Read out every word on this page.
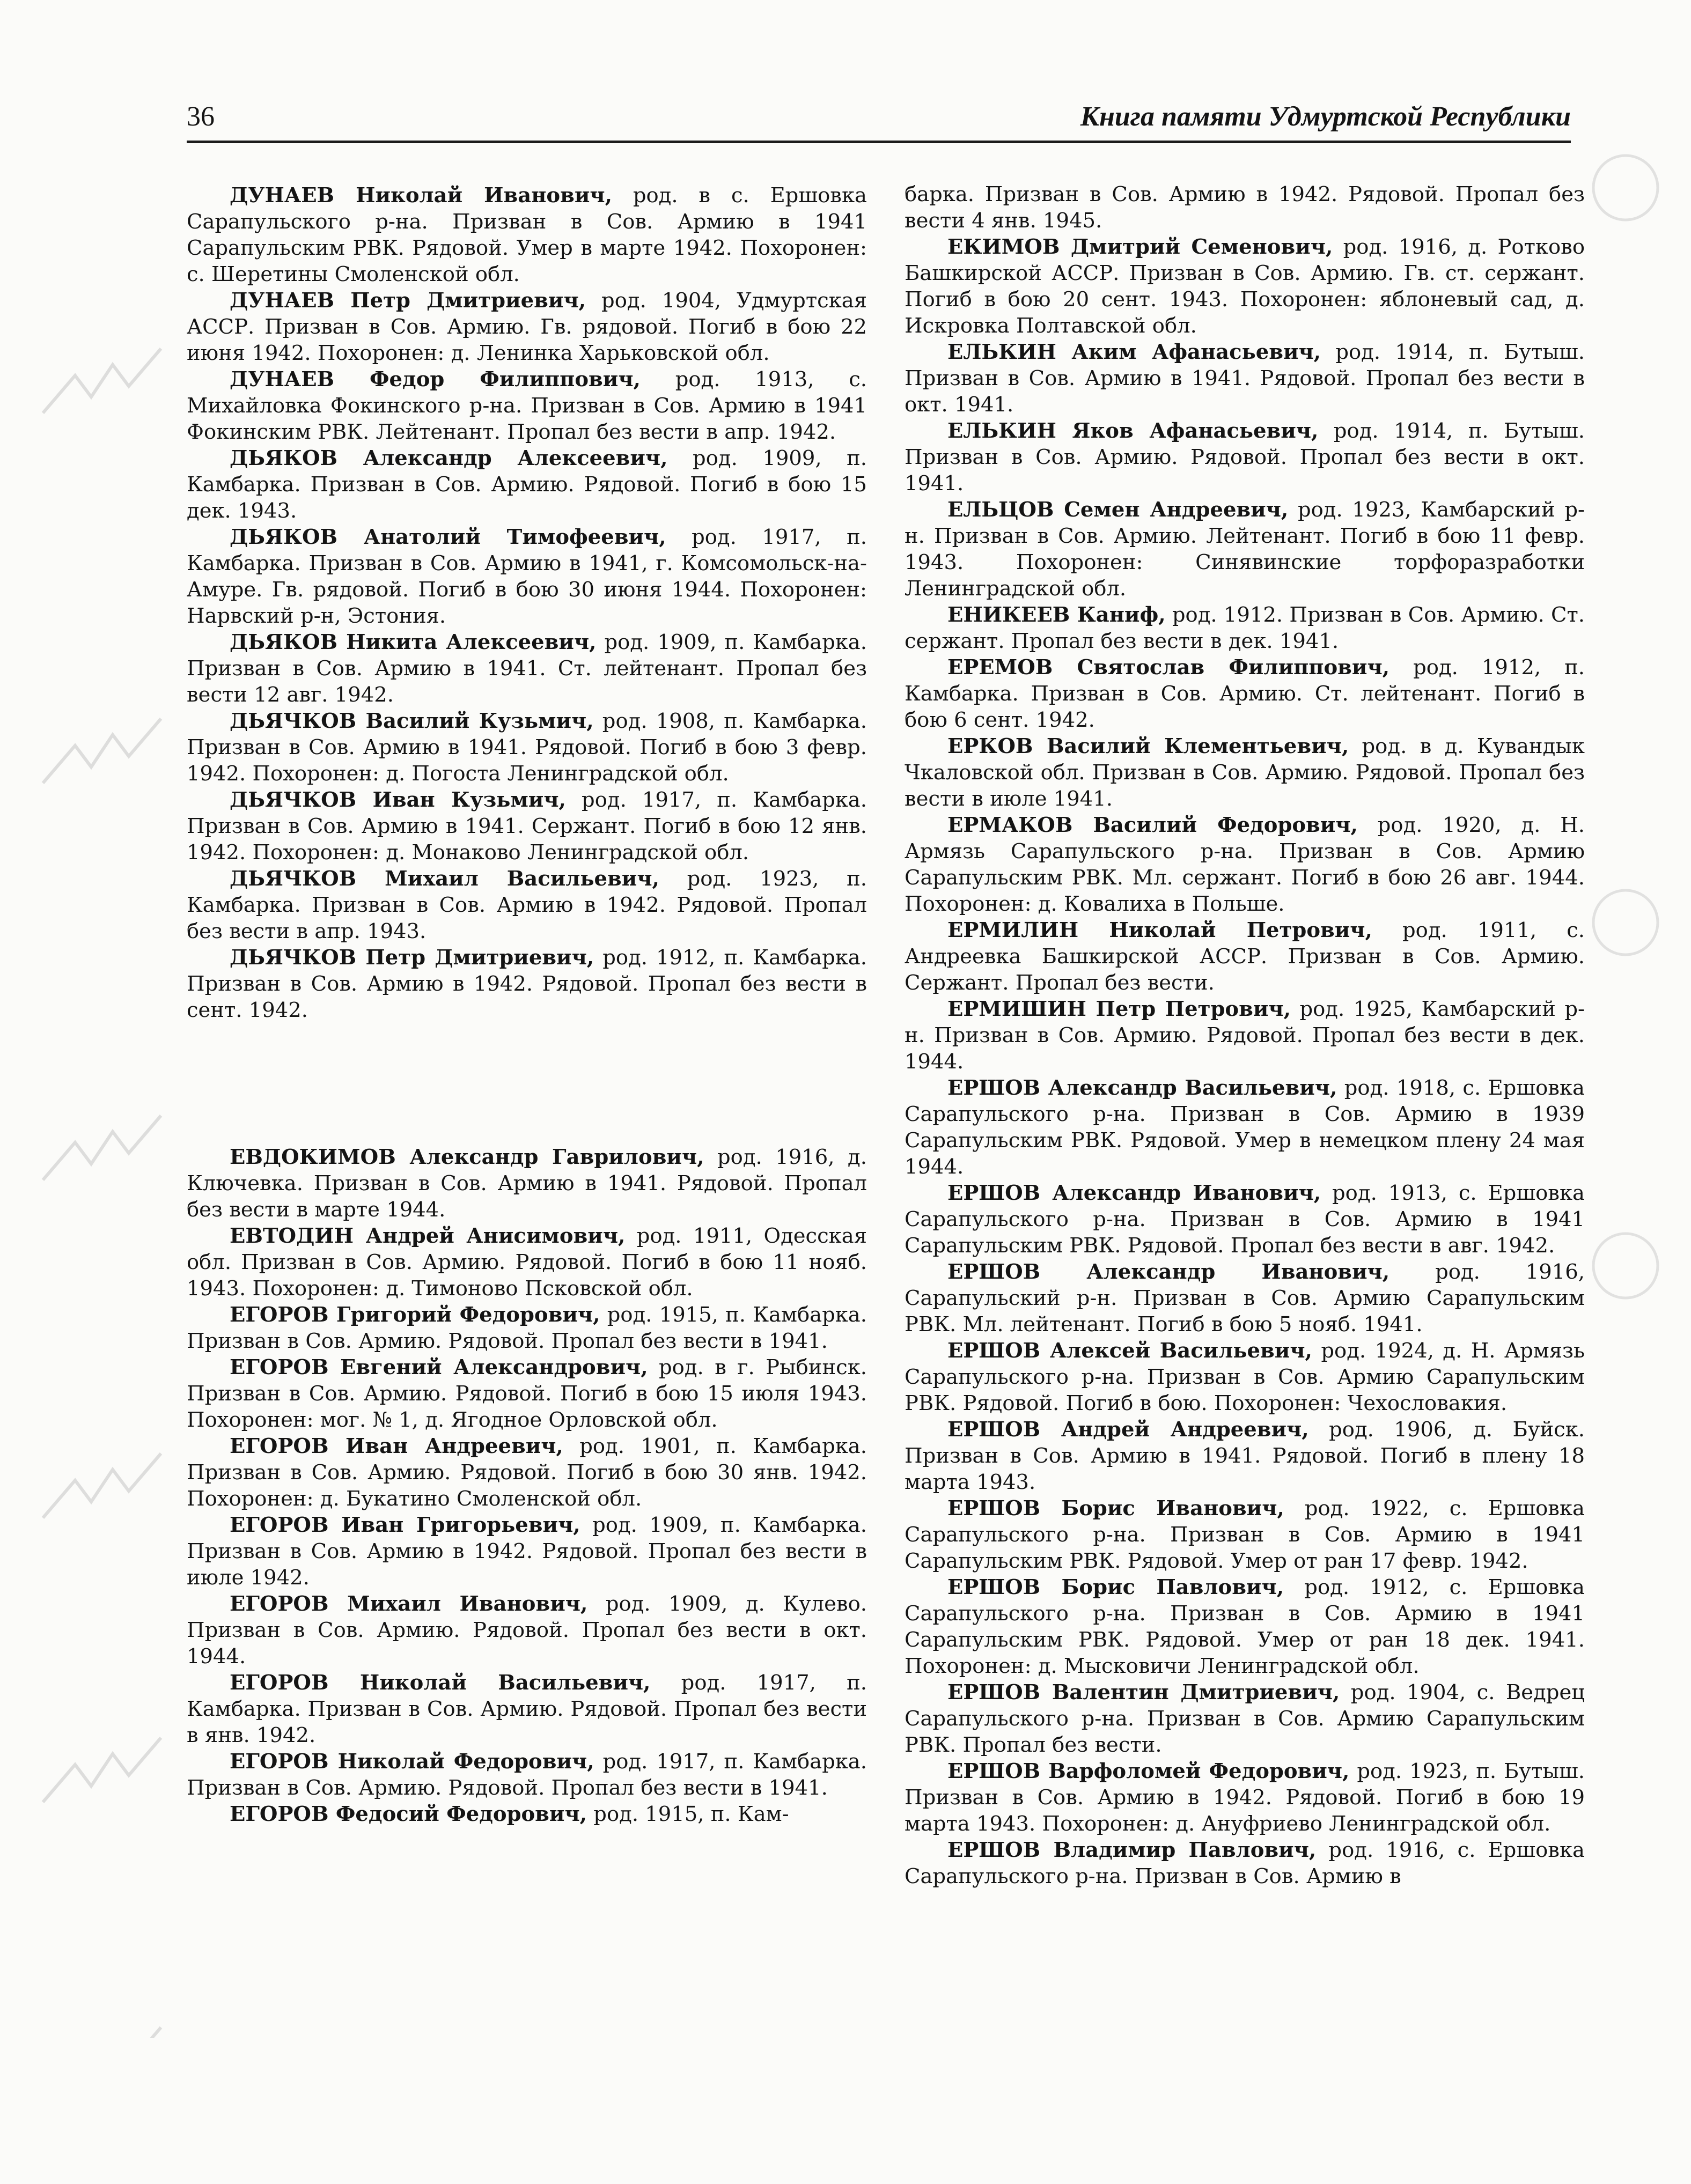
36	Книга памяти Удмуртской Республики

ДУНАЕВ Николай Иванович, род. в с. Ершовка Сарапульского р-на. Призван в Сов. Армию в 1941 Сарапульским РВК. Рядовой. Умер в марте 1942. Похоронен: с. Шеретины Смоленской обл.

ДУНАЕВ Петр Дмитриевич, род. 1904, Удмуртская АССР. Призван в Сов. Армию. Гв. рядовой. Погиб в бою 22 июня 1942. Похоронен: д. Ленинка Харьковской обл.

ДУНАЕВ Федор Филиппович, род. 1913, с. Михайловка Фокинского р-на. Призван в Сов. Армию в 1941 Фокинским РВК. Лейтенант. Пропал без вести в апр. 1942.

ДЬЯКОВ Александр Алексеевич, род. 1909, п. Камбарка. Призван в Сов. Армию. Рядовой. Погиб в бою 15 дек. 1943.

ДЬЯКОВ Анатолий Тимофеевич, род. 1917, п. Камбарка. Призван в Сов. Армию в 1941, г. Комсомольск-на-Амуре. Гв. рядовой. Погиб в бою 30 июня 1944. Похоронен: Нарвский р-н, Эстония.

ДЬЯКОВ Никита Алексеевич, род. 1909, п. Камбарка. Призван в Сов. Армию в 1941. Ст. лейтенант. Пропал без вести 12 авг. 1942.

ДЬЯЧКОВ Василий Кузьмич, род. 1908, п. Камбарка. Призван в Сов. Армию в 1941. Рядовой. Погиб в бою 3 февр. 1942. Похоронен: д. Погоста Ленинградской обл.

ДЬЯЧКОВ Иван Кузьмич, род. 1917, п. Камбарка. Призван в Сов. Армию в 1941. Сержант. Погиб в бою 12 янв. 1942. Похоронен: д. Монаково Ленинградской обл.

ДЬЯЧКОВ Михаил Васильевич, род. 1923, п. Камбарка. Призван в Сов. Армию в 1942. Рядовой. Пропал без вести в апр. 1943.

ДЬЯЧКОВ Петр Дмитриевич, род. 1912, п. Камбарка. Призван в Сов. Армию в 1942. Рядовой. Пропал без вести в сент. 1942.

ЕВДОКИМОВ Александр Гаврилович, род. 1916, д. Ключевка. Призван в Сов. Армию в 1941. Рядовой. Пропал без вести в марте 1944.

ЕВТОДИН Андрей Анисимович, род. 1911, Одесская обл. Призван в Сов. Армию. Рядовой. Погиб в бою 11 нояб. 1943. Похоронен: д. Тимоново Псковской обл.

ЕГОРОВ Григорий Федорович, род. 1915, п. Камбарка. Призван в Сов. Армию. Рядовой. Пропал без вести в 1941.

ЕГОРОВ Евгений Александрович, род. в г. Рыбинск. Призван в Сов. Армию. Рядовой. Погиб в бою 15 июля 1943. Похоронен: мог. № 1, д. Ягодное Орловской обл.

ЕГОРОВ Иван Андреевич, род. 1901, п. Камбарка. Призван в Сов. Армию. Рядовой. Погиб в бою 30 янв. 1942. Похоронен: д. Букатино Смоленской обл.

ЕГОРОВ Иван Григорьевич, род. 1909, п. Камбарка. Призван в Сов. Армию в 1942. Рядовой. Пропал без вести в июле 1942.

ЕГОРОВ Михаил Иванович, род. 1909, д. Кулево. Призван в Сов. Армию. Рядовой. Пропал без вести в окт. 1944.

ЕГОРОВ Николай Васильевич, род. 1917, п. Камбарка. Призван в Сов. Армию. Рядовой. Пропал без вести в янв. 1942.

ЕГОРОВ Николай Федорович, род. 1917, п. Камбарка. Призван в Сов. Армию. Рядовой. Пропал без вести в 1941.

ЕГОРОВ Федосий Федорович, род. 1915, п. Кам-

барка. Призван в Сов. Армию в 1942. Рядовой. Пропал без вести 4 янв. 1945.

ЕКИМОВ Дмитрий Семенович, род. 1916, д. Ротково Башкирской АССР. Призван в Сов. Армию. Гв. ст. сержант. Погиб в бою 20 сент. 1943. Похоронен: яблоневый сад, д. Искровка Полтавской обл.

ЕЛЬКИН Аким Афанасьевич, род. 1914, п. Бутыш. Призван в Сов. Армию в 1941. Рядовой. Пропал без вести в окт. 1941.

ЕЛЬКИН Яков Афанасьевич, род. 1914, п. Бутыш. Призван в Сов. Армию. Рядовой. Пропал без вести в окт. 1941.

ЕЛЬЦОВ Семен Андреевич, род. 1923, Камбарский р-н. Призван в Сов. Армию. Лейтенант. Погиб в бою 11 февр. 1943. Похоронен: Синявинские торфоразработки Ленинградской обл.

ЕНИКЕЕВ Каниф, род. 1912. Призван в Сов. Армию. Ст. сержант. Пропал без вести в дек. 1941.

ЕРЕМОВ Святослав Филиппович, род. 1912, п. Камбарка. Призван в Сов. Армию. Ст. лейтенант. Погиб в бою 6 сент. 1942.

ЕРКОВ Василий Клементьевич, род. в д. Кувандык Чкаловской обл. Призван в Сов. Армию. Рядовой. Пропал без вести в июле 1941.

ЕРМАКОВ Василий Федорович, род. 1920, д. Н. Армязь Сарапульского р-на. Призван в Сов. Армию Сарапульским РВК. Мл. сержант. Погиб в бою 26 авг. 1944. Похоронен: д. Ковалиха в Польше.

ЕРМИЛИН Николай Петрович, род. 1911, с. Андреевка Башкирской АССР. Призван в Сов. Армию. Сержант. Пропал без вести.

ЕРМИШИН Петр Петрович, род. 1925, Камбарский р-н. Призван в Сов. Армию. Рядовой. Пропал без вести в дек. 1944.

ЕРШОВ Александр Васильевич, род. 1918, с. Ершовка Сарапульского р-на. Призван в Сов. Армию в 1939 Сарапульским РВК. Рядовой. Умер в немецком плену 24 мая 1944.

ЕРШОВ Александр Иванович, род. 1913, с. Ершовка Сарапульского р-на. Призван в Сов. Армию в 1941 Сарапульским РВК. Рядовой. Пропал без вести в авг. 1942.

ЕРШОВ Александр Иванович, род. 1916, Сарапульский р-н. Призван в Сов. Армию Сарапульским РВК. Мл. лейтенант. Погиб в бою 5 нояб. 1941.

ЕРШОВ Алексей Васильевич, род. 1924, д. Н. Армязь Сарапульского р-на. Призван в Сов. Армию Сарапульским РВК. Рядовой. Погиб в бою. Похоронен: Чехословакия.

ЕРШОВ Андрей Андреевич, род. 1906, д. Буйск. Призван в Сов. Армию в 1941. Рядовой. Погиб в плену 18 марта 1943.

ЕРШОВ Борис Иванович, род. 1922, с. Ершовка Сарапульского р-на. Призван в Сов. Армию в 1941 Сарапульским РВК. Рядовой. Умер от ран 17 февр. 1942.

ЕРШОВ Борис Павлович, род. 1912, с. Ершовка Сарапульского р-на. Призван в Сов. Армию в 1941 Сарапульским РВК. Рядовой. Умер от ран 18 дек. 1941. Похоронен: д. Мысковичи Ленинградской обл.

ЕРШОВ Валентин Дмитриевич, род. 1904, с. Ведрец Сарапульского р-на. Призван в Сов. Армию Сарапульским РВК. Пропал без вести.

ЕРШОВ Варфоломей Федорович, род. 1923, п. Бутыш. Призван в Сов. Армию в 1942. Рядовой. Погиб в бою 19 марта 1943. Похоронен: д. Ануфриево Ленинградской обл.

ЕРШОВ Владимир Павлович, род. 1916, с. Ершовка Сарапульского р-на. Призван в Сов. Армию в
